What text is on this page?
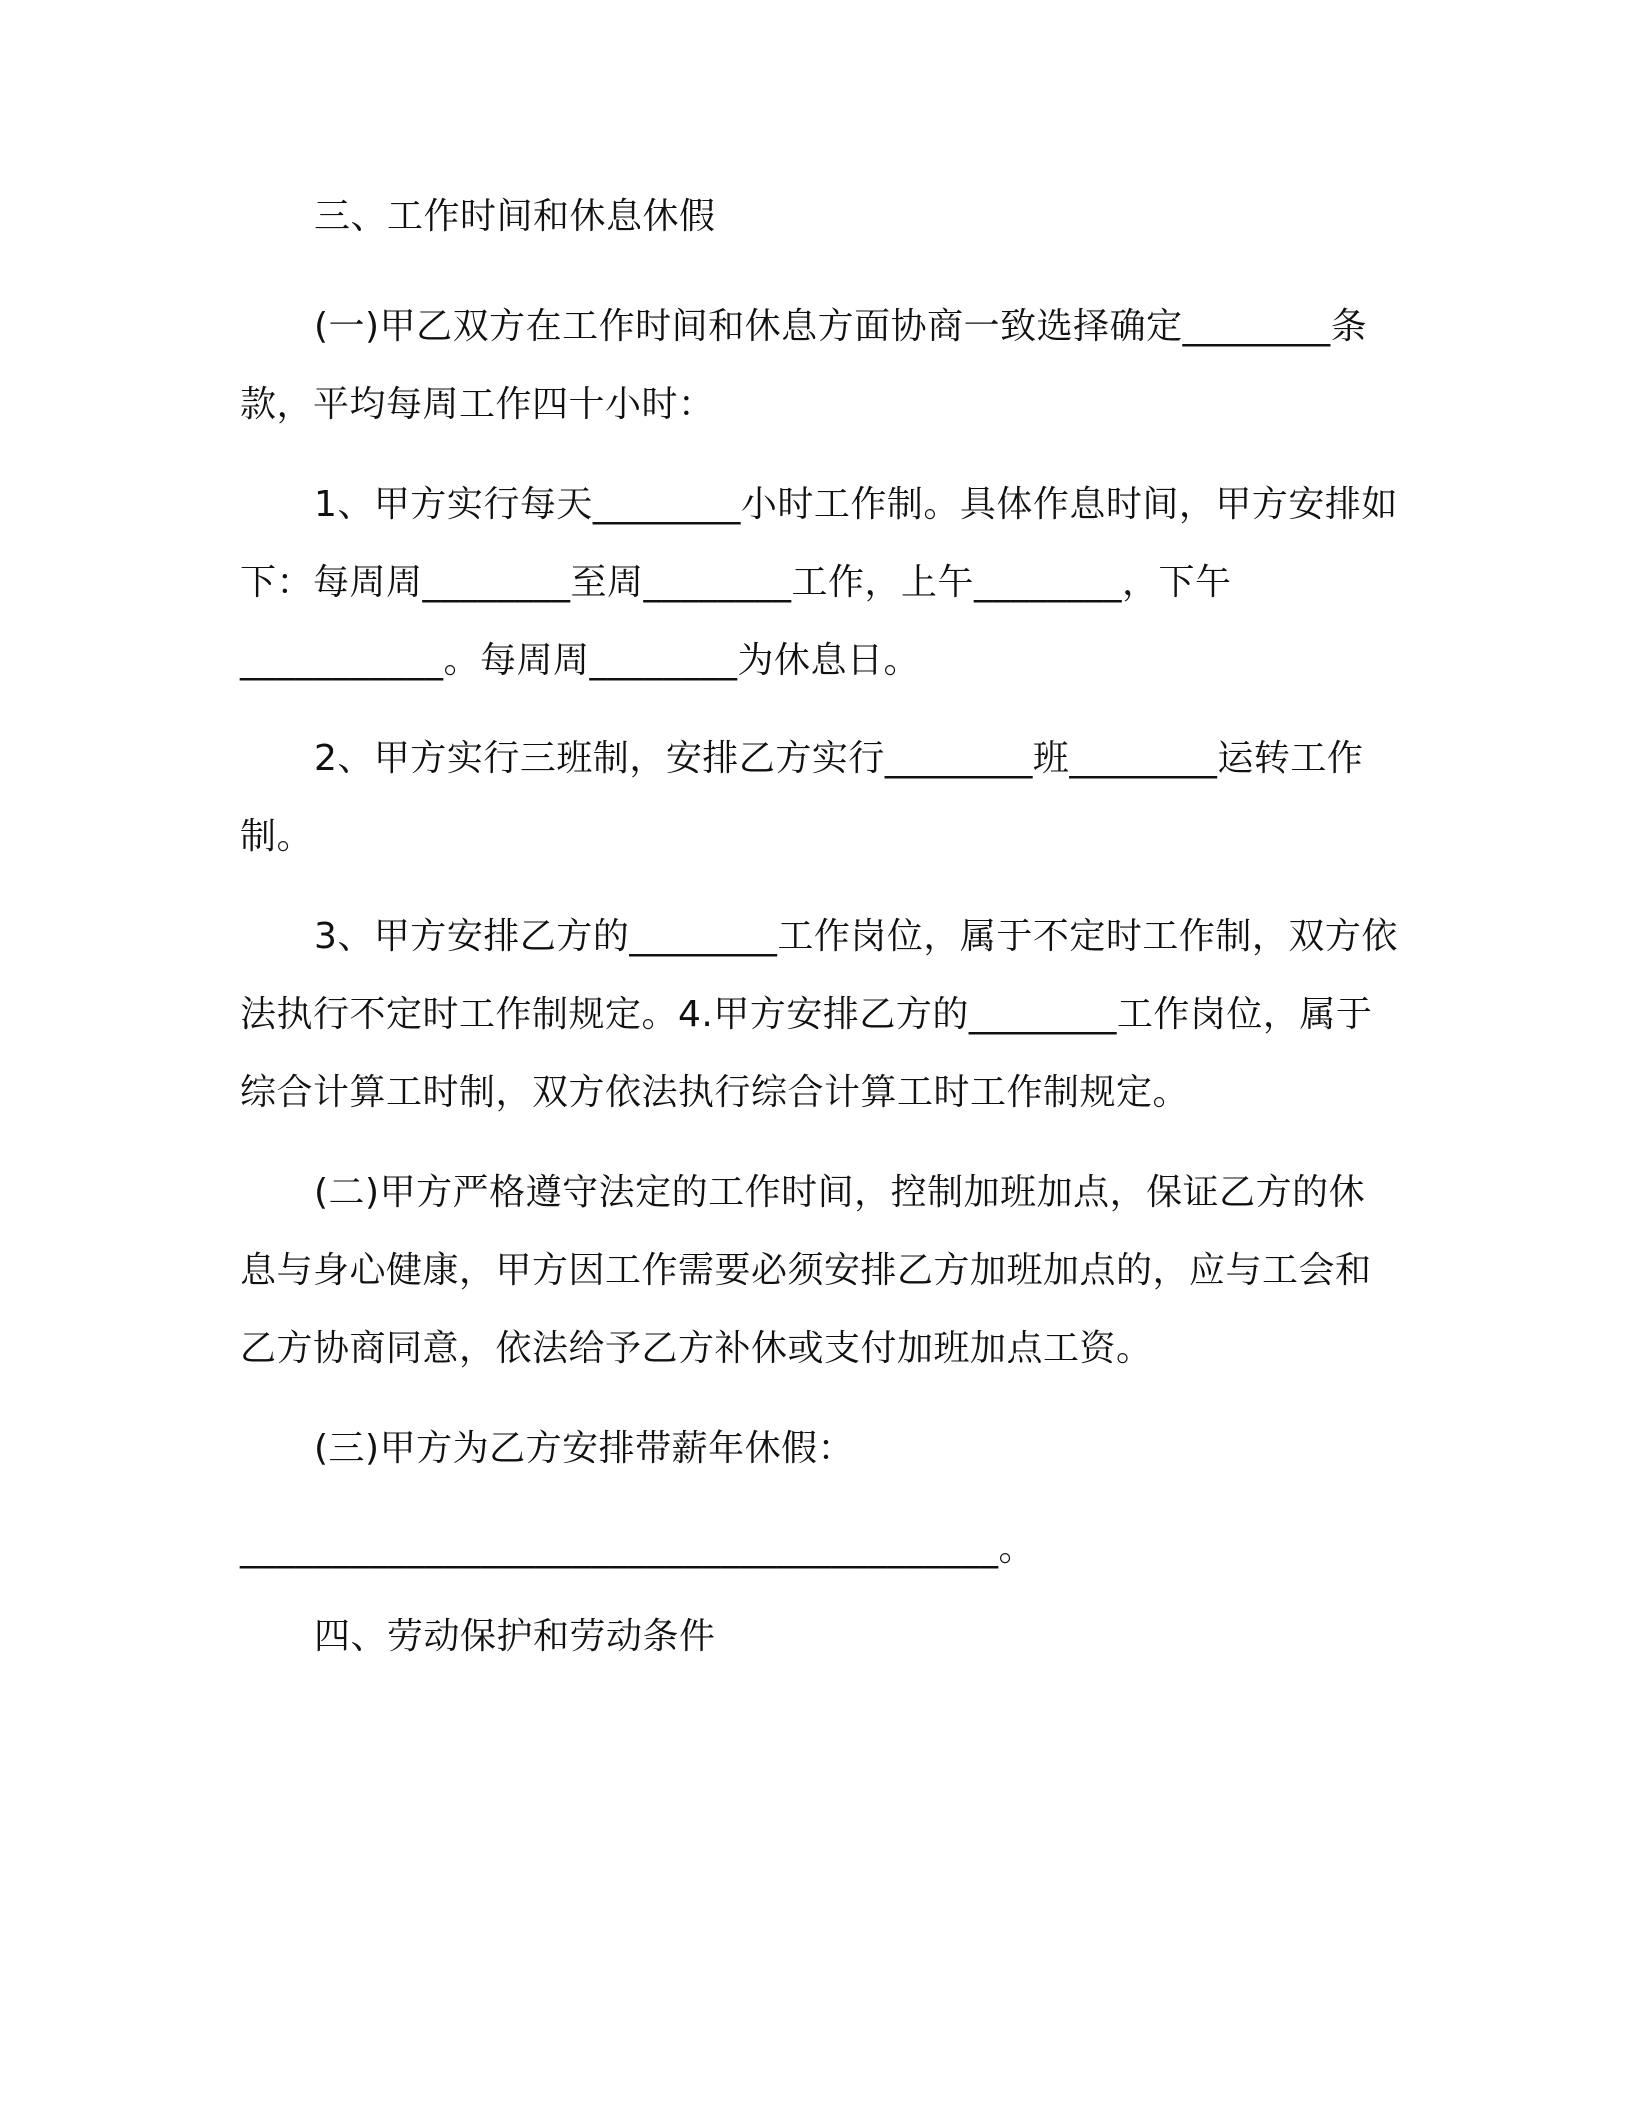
三、工作时间和休息休假

(一)甲乙双方在工作时间和休息方面协商一致选择确定________条款，平均每周工作四十小时：

1、甲方实行每天________小时工作制。具体作息时间，甲方安排如下：每周周________至周________工作，上午________，下午___________。每周周________为休息日。

2、甲方实行三班制，安排乙方实行________班________运转工作制。

3、甲方安排乙方的________工作岗位，属于不定时工作制，双方依法执行不定时工作制规定。4.甲方安排乙方的________工作岗位，属于综合计算工时制，双方依法执行综合计算工时工作制规定。

(二)甲方严格遵守法定的工作时间，控制加班加点，保证乙方的休息与身心健康，甲方因工作需要必须安排乙方加班加点的，应与工会和乙方协商同意，依法给予乙方补休或支付加班加点工资。

(三)甲方为乙方安排带薪年休假：

_________________________________________。

四、劳动保护和劳动条件
